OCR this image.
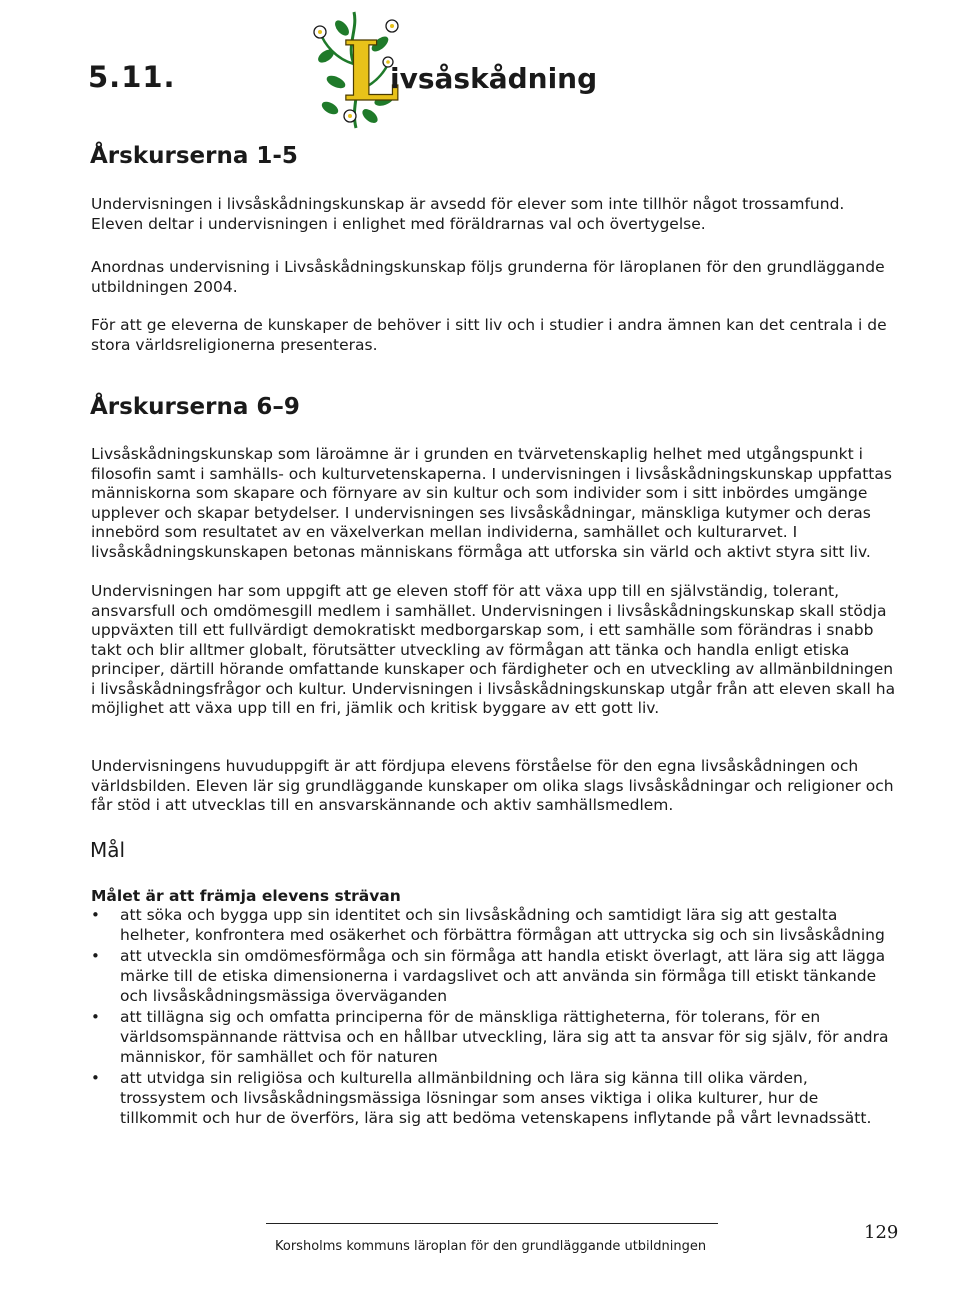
5.11. L
ivsåskådning
Årskurserna 1-5

Undervisningen i livsåskådningskunskap är avsedd för elever som inte tillhör något trossamfund. Eleven deltar i undervisningen i enlighet med föräldrarnas val och övertygelse.

Anordnas undervisning i Livsåskådningskunskap följs grunderna för läroplanen för den grundläggande utbildningen 2004.

För att ge eleverna de kunskaper de behöver i sitt liv och i studier i andra ämnen kan det centrala i de stora världsreligionerna presenteras.

Årskurserna 6–9

Livsåskådningskunskap som läroämne är i grunden en tvärvetenskaplig helhet med utgångspunkt i filosofin samt i samhälls- och kulturvetenskaperna. I undervisningen i livsåskådningskunskap uppfattas människorna som skapare och förnyare av sin kultur och som individer som i sitt inbördes umgänge upplever och skapar betydelser. I undervisningen ses livsåskådningar, mänskliga kutymer och deras innebörd som resultatet av en växelverkan mellan individerna, samhället och kulturarvet. I livsåskådningskunskapen betonas människans förmåga att utforska sin värld och aktivt styra sitt liv.

Undervisningen har som uppgift att ge eleven stoff för att växa upp till en självständig, tolerant, ansvarsfull och omdömesgill medlem i samhället. Undervisningen i livsåskådningskunskap skall stödja uppväxten till ett fullvärdigt demokratiskt medborgarskap som, i ett samhälle som förändras i snabb takt och blir alltmer globalt, förutsätter utveckling av förmågan att tänka och handla enligt etiska principer, därtill hörande omfattande kunskaper och färdigheter och en utveckling av allmänbildningen i livsåskådningsfrågor och kultur. Undervisningen i livsåskådningskunskap utgår från att eleven skall ha möjlighet att växa upp till en fri, jämlik och kritisk byggare av ett gott liv.

Undervisningens huvuduppgift är att fördjupa elevens förståelse för den egna livsåskådningen och världsbilden. Eleven lär sig grundläggande kunskaper om olika slags livsåskådningar och religioner och får stöd i att utvecklas till en ansvarskännande och aktiv samhällsmedlem.

Mål
Målet är att främja elevens strävan
•	att söka och bygga upp sin identitet och sin livsåskådning och samtidigt lära sig att gestalta helheter, konfrontera med osäkerhet och förbättra förmågan att uttrycka sig och sin livsåskådning
•	att utveckla sin omdömesförmåga och sin förmåga att handla etiskt överlagt, att lära sig att lägga märke till de etiska dimensionerna i vardagslivet och att använda sin förmåga till etiskt tänkande och livsåskådningsmässiga överväganden
•	att tillägna sig och omfatta principerna för de mänskliga rättigheterna, för tolerans, för en världsomspännande rättvisa och en hållbar utveckling, lära sig att ta ansvar för sig själv, för andra människor, för samhället och för naturen
•	att utvidga sin religiösa och kulturella allmänbildning och lära sig känna till olika värden, trossystem och livsåskådningsmässiga lösningar som anses viktiga i olika kulturer, hur de tillkommit och hur de överförs, lära sig att bedöma vetenskapens inflytande på vårt levnadssätt.

Korsholms kommuns läroplan för den grundläggande utbildningen

129
